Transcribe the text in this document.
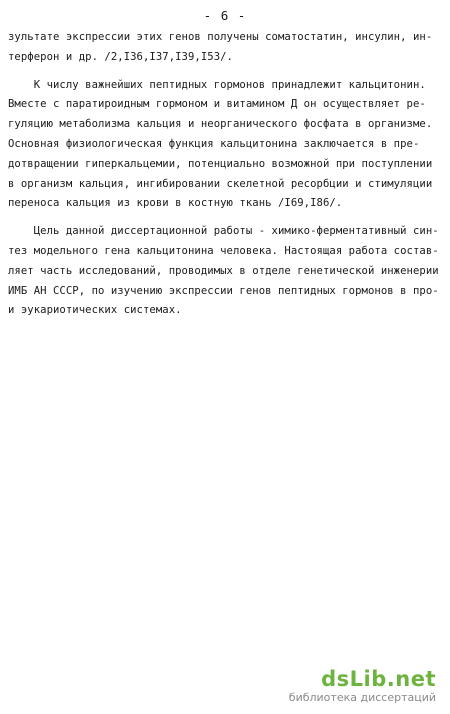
- 6 -
зультате экспрессии этих генов получены соматостатин, инсулин, ин-
терферон и др. /2,I36,I37,I39,I53/.
К числу важнейших пептидных гормонов принадлежит кальцитонин.
Вместе с паратироидным гормоном и витамином Д он осуществляет ре-
гуляцию метаболизма кальция и неорганического фосфата в организме.
Основная физиологическая функция кальцитонина заключается в пре-
дотвращении гиперкальцемии, потенциально возможной при поступлении
в организм кальция, ингибировании скелетной ресорбции и стимуляции
переноса кальция из крови в костную ткань /I69,I86/.
Цель данной диссертационной работы - химико-ферментативный син-
тез модельного гена кальцитонина человека. Настоящая работа состав-
ляет часть исследований, проводимых в отделе генетической инженерии
ИМБ АН СССР, по изучению экспрессии генов пептидных гормонов в про-
и эукариотических системах.
dsLib.net
библиотека диссертаций
